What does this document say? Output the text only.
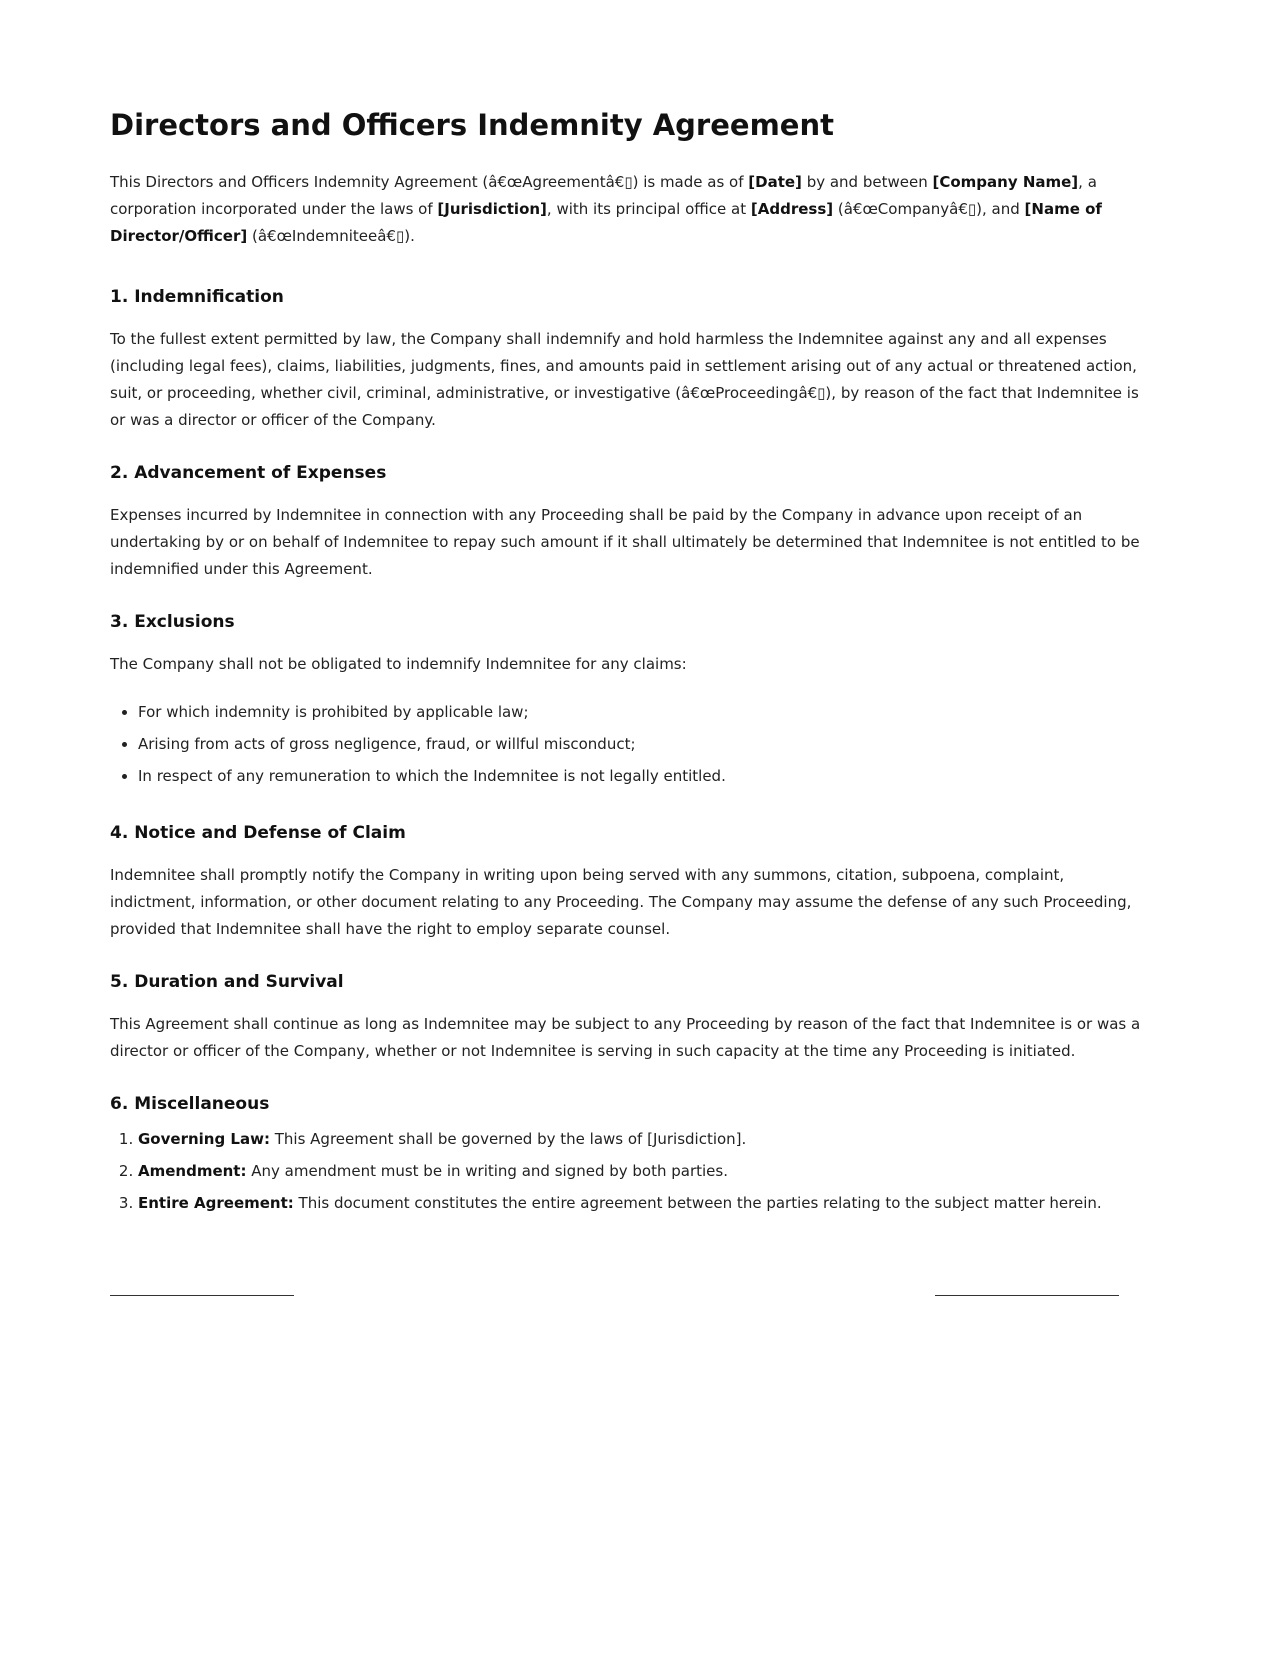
Directors and Officers Indemnity Agreement

This Directors and Officers Indemnity Agreement (â€œAgreementâ€▯) is made as of [Date] by and between [Company Name], a corporation incorporated under the laws of [Jurisdiction], with its principal office at [Address] (â€œCompanyâ€▯), and [Name of Director/Officer] (â€œIndemniteeâ€▯).

1. Indemnification

To the fullest extent permitted by law, the Company shall indemnify and hold harmless the Indemnitee against any and all expenses (including legal fees), claims, liabilities, judgments, fines, and amounts paid in settlement arising out of any actual or threatened action, suit, or proceeding, whether civil, criminal, administrative, or investigative (â€œProceedingâ€▯), by reason of the fact that Indemnitee is or was a director or officer of the Company.

2. Advancement of Expenses

Expenses incurred by Indemnitee in connection with any Proceeding shall be paid by the Company in advance upon receipt of an undertaking by or on behalf of Indemnitee to repay such amount if it shall ultimately be determined that Indemnitee is not entitled to be indemnified under this Agreement.

3. Exclusions

The Company shall not be obligated to indemnify Indemnitee for any claims:

• For which indemnity is prohibited by applicable law;
• Arising from acts of gross negligence, fraud, or willful misconduct;
• In respect of any remuneration to which the Indemnitee is not legally entitled.
4. Notice and Defense of Claim

Indemnitee shall promptly notify the Company in writing upon being served with any summons, citation, subpoena, complaint, indictment, information, or other document relating to any Proceeding. The Company may assume the defense of any such Proceeding, provided that Indemnitee shall have the right to employ separate counsel.

5. Duration and Survival

This Agreement shall continue as long as Indemnitee may be subject to any Proceeding by reason of the fact that Indemnitee is or was a director or officer of the Company, whether or not Indemnitee is serving in such capacity at the time any Proceeding is initiated.

6. Miscellaneous
1. Governing Law: This Agreement shall be governed by the laws of [Jurisdiction].
2. Amendment: Any amendment must be in writing and signed by both parties.
3. Entire Agreement: This document constitutes the entire agreement between the parties relating to the subject matter herein.
